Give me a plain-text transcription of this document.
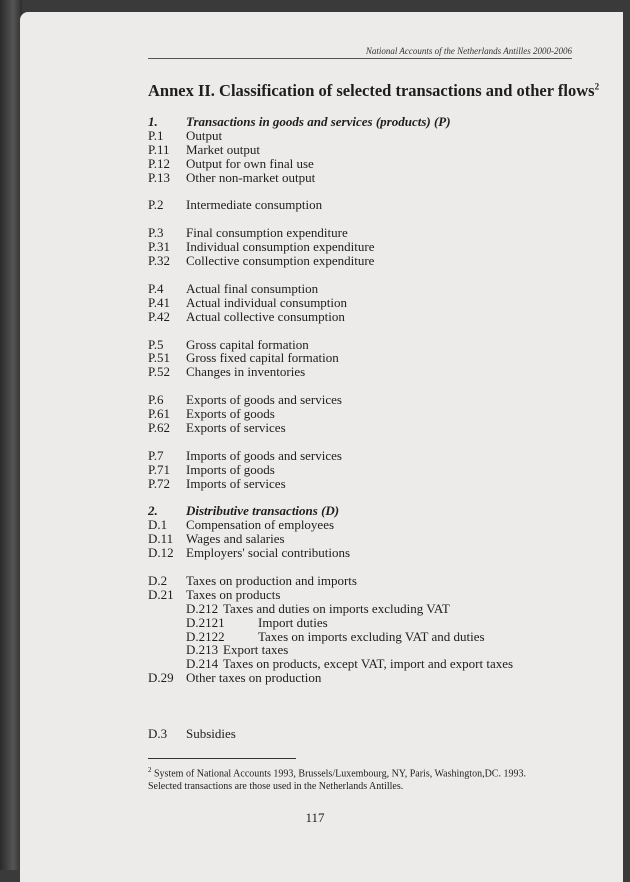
National Accounts of the Netherlands Antilles 2000-2006
Annex II. Classification of selected transactions and other flows$^2$
1. Transactions in goods and services (products) (P)
P.1 Output
P.11 Market output
P.12 Output for own final use
P.13 Other non-market output
P.2 Intermediate consumption
P.3 Final consumption expenditure
P.31 Individual consumption expenditure
P.32 Collective consumption expenditure
P.4 Actual final consumption
P.41 Actual individual consumption
P.42 Actual collective consumption
P.5 Gross capital formation
P.51 Gross fixed capital formation
P.52 Changes in inventories
P.6 Exports of goods and services
P.61 Exports of goods
P.62 Exports of services
P.7 Imports of goods and services
P.71 Imports of goods
P.72 Imports of services
2. Distributive transactions (D)
D.1 Compensation of employees
D.11 Wages and salaries
D.12 Employers' social contributions
D.2 Taxes on production and imports
D.21 Taxes on products
D.212 Taxes and duties on imports excluding VAT
D.2121	Import duties
D.2122	Taxes on imports excluding VAT and duties
D.213 Export taxes
D.214 Taxes on products, except VAT, import and export taxes
D.29 Other taxes on production
D.3 Subsidies
$^2$ System of National Accounts 1993, Brussels/Luxembourg, NY, Paris, Washington,DC. 1993.
Selected transactions are those used in the Netherlands Antilles.
117
